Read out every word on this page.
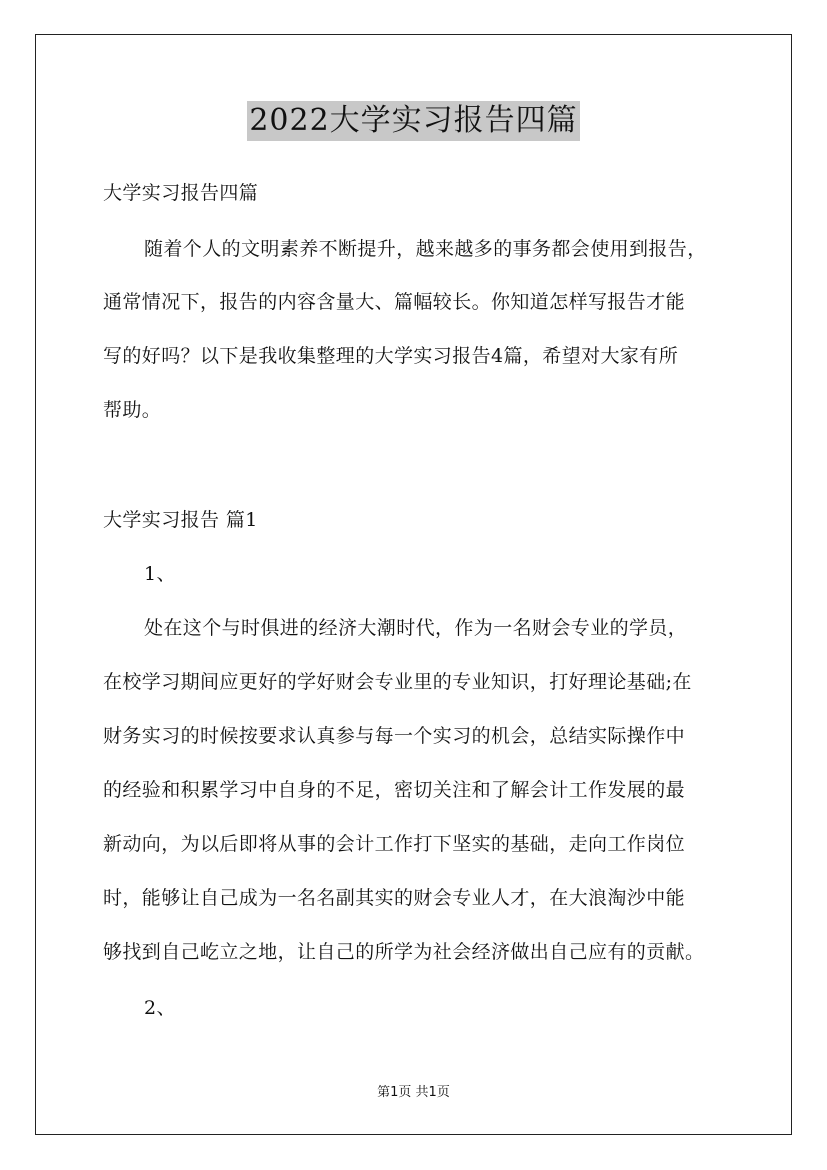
2022大学实习报告四篇
大学实习报告四篇
随着个人的文明素养不断提升，越来越多的事务都会使用到报告，
通常情况下，报告的内容含量大、篇幅较长。你知道怎样写报告才能
写的好吗？以下是我收集整理的大学实习报告4篇，希望对大家有所
帮助。
大学实习报告 篇1
1、
处在这个与时俱进的经济大潮时代，作为一名财会专业的学员，
在校学习期间应更好的学好财会专业里的专业知识，打好理论基础;在
财务实习的时候按要求认真参与每一个实习的机会，总结实际操作中
的经验和积累学习中自身的不足，密切关注和了解会计工作发展的最
新动向，为以后即将从事的会计工作打下坚实的基础，走向工作岗位
时，能够让自己成为一名名副其实的财会专业人才，在大浪淘沙中能
够找到自己屹立之地，让自己的所学为社会经济做出自己应有的贡献。
2、
第1页 共1页
